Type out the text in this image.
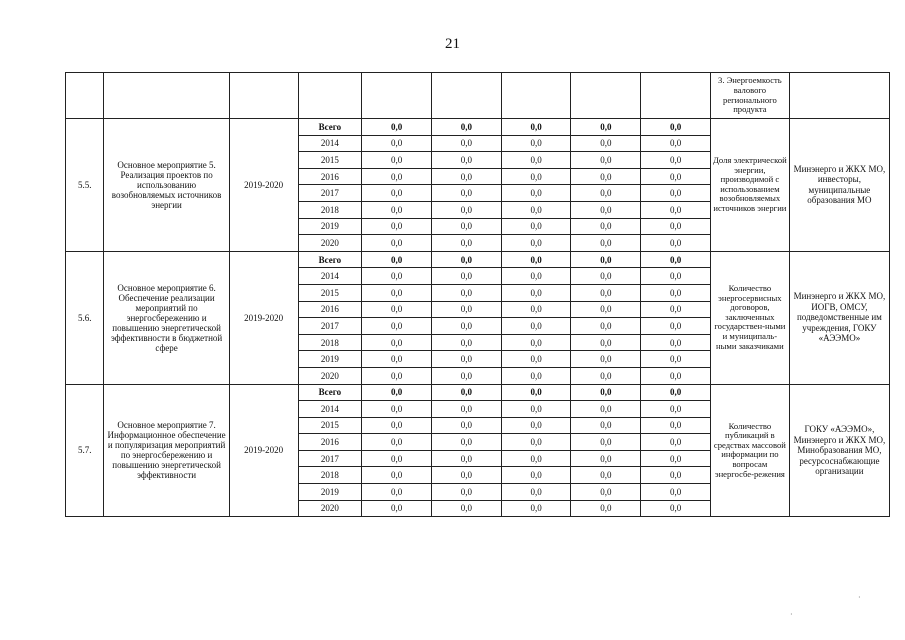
21
									3. Энергоемкость валового регионального продукта	
5.5.	Основное мероприятие 5. Реализация проектов по использованию возобновляемых источников энергии	2019-2020	Всего	0,0	0,0	0,0	0,0	0,0	Доля электрической энергии, производимой с использованием возобновляемых источников энергии	Минэнерго и ЖКХ МО, инвесторы, муниципальные образования МО
			2014	0,0	0,0	0,0	0,0	0,0		
			2015	0,0	0,0	0,0	0,0	0,0		
			2016	0,0	0,0	0,0	0,0	0,0		
			2017	0,0	0,0	0,0	0,0	0,0		
			2018	0,0	0,0	0,0	0,0	0,0		
			2019	0,0	0,0	0,0	0,0	0,0		
			2020	0,0	0,0	0,0	0,0	0,0		
5.6.	Основное мероприятие 6. Обеспечение реализации мероприятий по энергосбережению и повышению энергетической эффективности в бюджетной сфере	2019-2020	Всего	0,0	0,0	0,0	0,0	0,0	Количество энергосервисных договоров, заключенных государствен-ными и муниципаль-ными заказчиками	Минэнерго и ЖКХ МО, ИОГВ, ОМСУ, подведомственные им учреждения, ГОКУ «АЭЭМО»
			2014	0,0	0,0	0,0	0,0	0,0		
			2015	0,0	0,0	0,0	0,0	0,0		
			2016	0,0	0,0	0,0	0,0	0,0		
			2017	0,0	0,0	0,0	0,0	0,0		
			2018	0,0	0,0	0,0	0,0	0,0		
			2019	0,0	0,0	0,0	0,0	0,0		
			2020	0,0	0,0	0,0	0,0	0,0		
5.7.	Основное мероприятие 7. Информационное обеспечение и популяризация мероприятий по энергосбережению и повышению энергетической эффективности	2019-2020	Всего	0,0	0,0	0,0	0,0	0,0	Количество публикаций в средствах массовой информации по вопросам энергосбе-режения	ГОКУ «АЭЭМО», Минэнерго и ЖКХ МО, Минобразования МО, ресурсоснабжающие организации
			2014	0,0	0,0	0,0	0,0	0,0		
			2015	0,0	0,0	0,0	0,0	0,0		
			2016	0,0	0,0	0,0	0,0	0,0		
			2017	0,0	0,0	0,0	0,0	0,0		
			2018	0,0	0,0	0,0	0,0	0,0		
			2019	0,0	0,0	0,0	0,0	0,0		
			2020	0,0	0,0	0,0	0,0	0,0		
·
·
